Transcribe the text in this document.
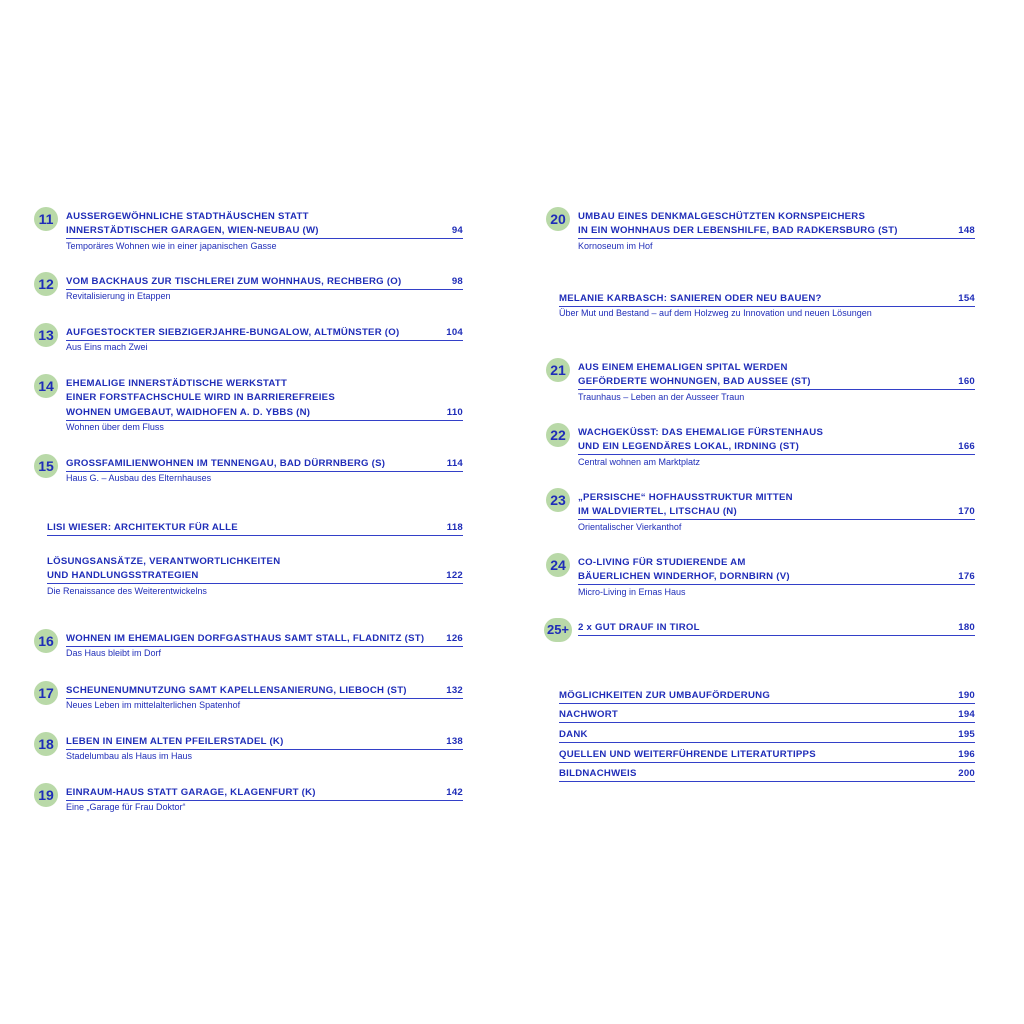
11	AUSSERGEWÖHNLICHE STADTHÄUSCHEN STATT
INNERSTÄDTISCHER GARAGEN, WIEN-NEUBAU (W)	94
Temporäres Wohnen wie in einer japanischen Gasse
12	VOM BACKHAUS ZUR TISCHLEREI ZUM WOHNHAUS, RECHBERG (O)	98
Revitalisierung in Etappen
13	AUFGESTOCKTER SIEBZIGERJAHRE-BUNGALOW, ALTMÜNSTER (O)	104
Aus Eins mach Zwei
14	EHEMALIGE INNERSTÄDTISCHE WERKSTATT
EINER FORSTFACHSCHULE WIRD IN BARRIEREFREIES
WOHNEN UMGEBAUT, WAIDHOFEN A. D. YBBS (N)	110
Wohnen über dem Fluss
15	GROSSFAMILIENWOHNEN IM TENNENGAU, BAD DÜRRNBERG (S)	114
Haus G. – Ausbau des Elternhauses
LISI WIESER: ARCHITEKTUR FÜR ALLE	118
LÖSUNGSANSÄTZE, VERANTWORTLICHKEITEN
UND HANDLUNGSSTRATEGIEN	122
Die Renaissance des Weiterentwickelns
16	WOHNEN IM EHEMALIGEN DORFGASTHAUS SAMT STALL, FLADNITZ (ST) 126
Das Haus bleibt im Dorf
17	SCHEUNENUMNUTZUNG SAMT KAPELLENSANIERUNG, LIEBOCH (ST)	132
Neues Leben im mittelalterlichen Spatenhof
18	LEBEN IN EINEM ALTEN PFEILERSTADEL (K)	138
Stadelumbau als Haus im Haus
19	EINRAUM-HAUS STATT GARAGE, KLAGENFURT (K)	142
Eine „Garage für Frau Doktor“
20	UMBAU EINES DENKMALGESCHÜTZTEN KORNSPEICHERS
IN EIN WOHNHAUS DER LEBENSHILFE, BAD RADKERSBURG (ST)	148
Kornoseum im Hof
MELANIE KARBASCH: SANIEREN ODER NEU BAUEN?	154
Über Mut und Bestand – auf dem Holzweg zu Innovation und neuen Lösungen
21	AUS EINEM EHEMALIGEN SPITAL WERDEN
GEFÖRDERTE WOHNUNGEN, BAD AUSSEE (ST)	160
Traunhaus – Leben an der Ausseer Traun
22	WACHGEKÜSST: DAS EHEMALIGE FÜRSTENHAUS
UND EIN LEGENDÄRES LOKAL, IRDNING (ST)	166
Central wohnen am Marktplatz
23	„PERSISCHE“ HOFHAUSSTRUKTUR MITTEN
IM WALDVIERTEL, LITSCHAU (N)	170
Orientalischer Vierkanthof
24	CO-LIVING FÜR STUDIERENDE AM
BÄUERLICHEN WINDERHOF, DORNBIRN (V)	176
Micro-Living in Ernas Haus
25+ 2 x GUT DRAUF IN TIROL	180
MÖGLICHKEITEN ZUR UMBAUFÖRDERUNG	190
NACHWORT	194
DANK	195
QUELLEN UND WEITERFÜHRENDE LITERATURTIPPS	196
BILDNACHWEIS	200
